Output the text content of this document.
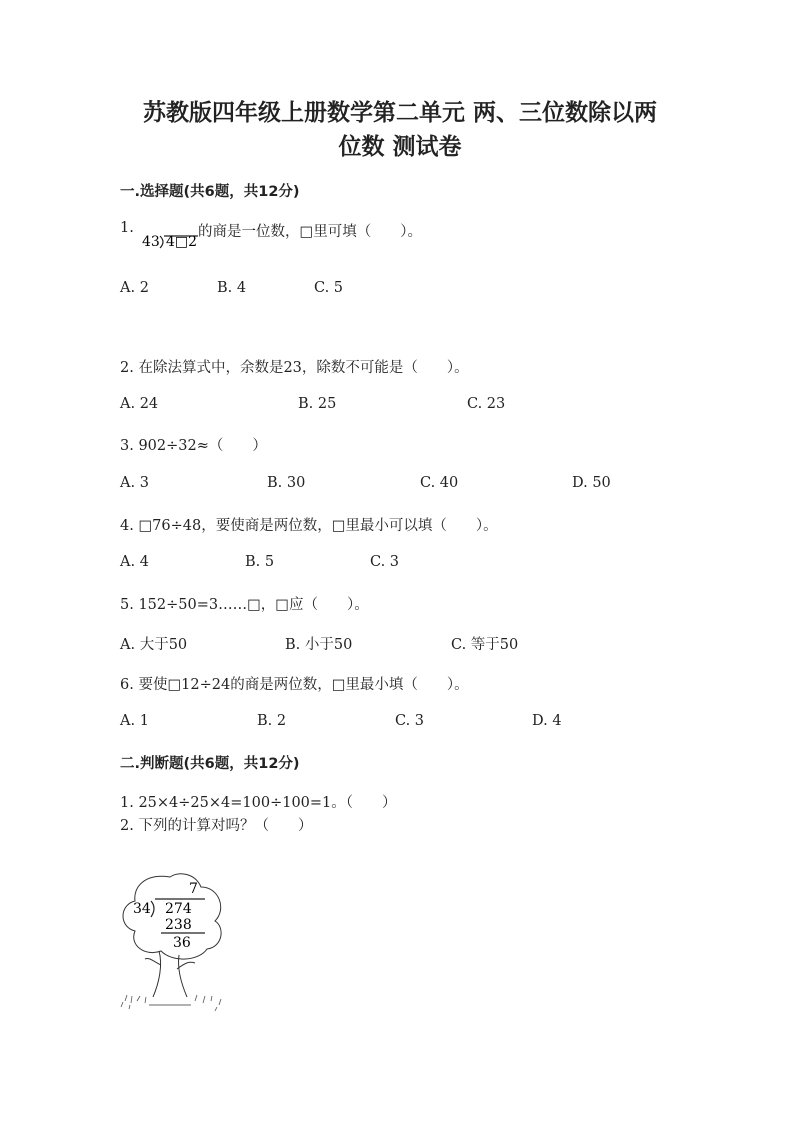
苏教版四年级上册数学第二单元 两、三位数除以两
位数 测试卷
一.选择题(共6题，共12分)
1.
43 4□2
的商是一位数，□里可填（　　）。
A. 2	B. 4	C. 5
2. 在除法算式中，余数是23，除数不可能是（　　）。
A. 24	B. 25	C. 23
3. 902÷32≈（　　）
A. 3	B. 30	C. 40	D. 50
4. □76÷48，要使商是两位数，□里最小可以填（　　）。
A. 4	B. 5	C. 3
5. 152÷50=3……□，□应（　　）。
A. 大于50	B. 小于50	C. 等于50
6. 要使□12÷24的商是两位数，□里最小填（　　）。
A. 1	B. 2	C. 3	D. 4
二.判断题(共6题，共12分)
1. 25×4÷25×4=100÷100=1。（　　）
2. 下列的计算对吗？（　　）
7
34 274
238
36
